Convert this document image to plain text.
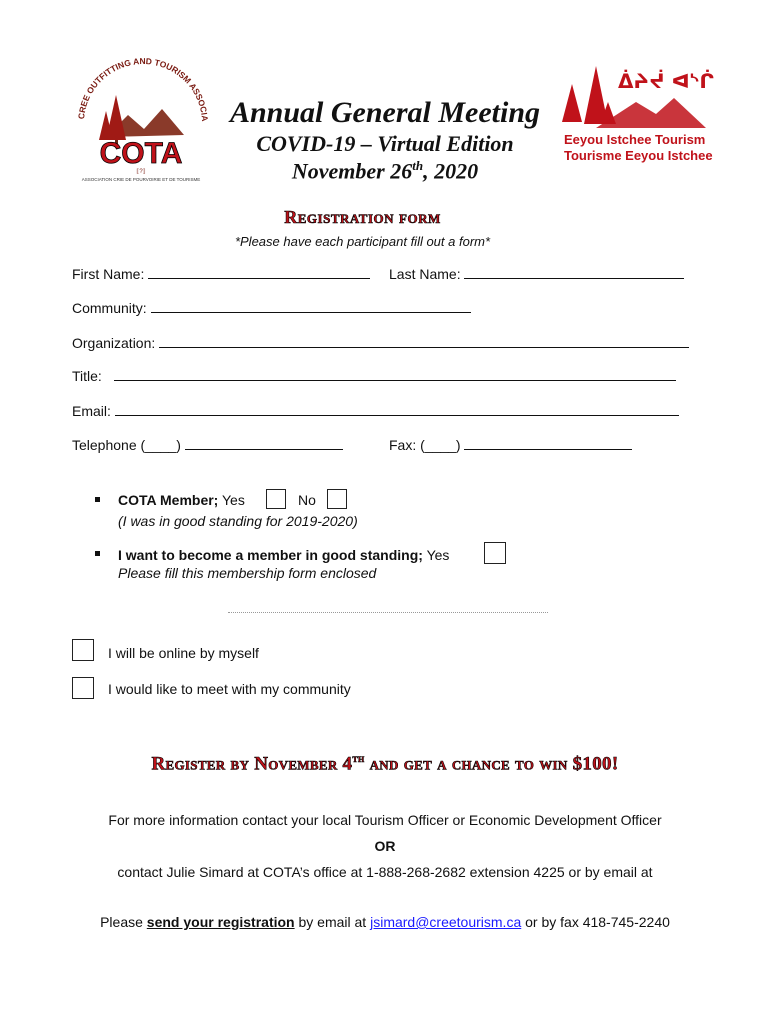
CREE OUTFITTING AND TOURISM ASSOCIA
COTA
⟦?⟧
ASSOCIATION CRIE DE POURVOIRIE ET DE TOURISME
ᐄᔨᔫ ᐊᔅᒌ
Eeyou Istchee Tourism
Tourisme Eeyou Istchee
Annual General Meeting
COVID-19 – Virtual Edition
November 26th, 2020
Registration form
*Please have each participant fill out a form*
First Name:	Last Name:
Community:
Organization:
Title:
Email:
Telephone (____)	Fax: (____)
COTA Member; Yes	No
(I was in good standing for 2019-2020)
I want to become a member in good standing; Yes
Please fill this membership form enclosed
I will be online by myself
I would like to meet with my community
Register by November 4th and get a chance to win $100!
For more information contact your local Tourism Officer or Economic Development Officer
OR
contact Julie Simard at COTA’s office at 1-888-268-2682 extension 4225 or by email at
Please send your registration by email at jsimard@creetourism.ca or by fax 418-745-2240
